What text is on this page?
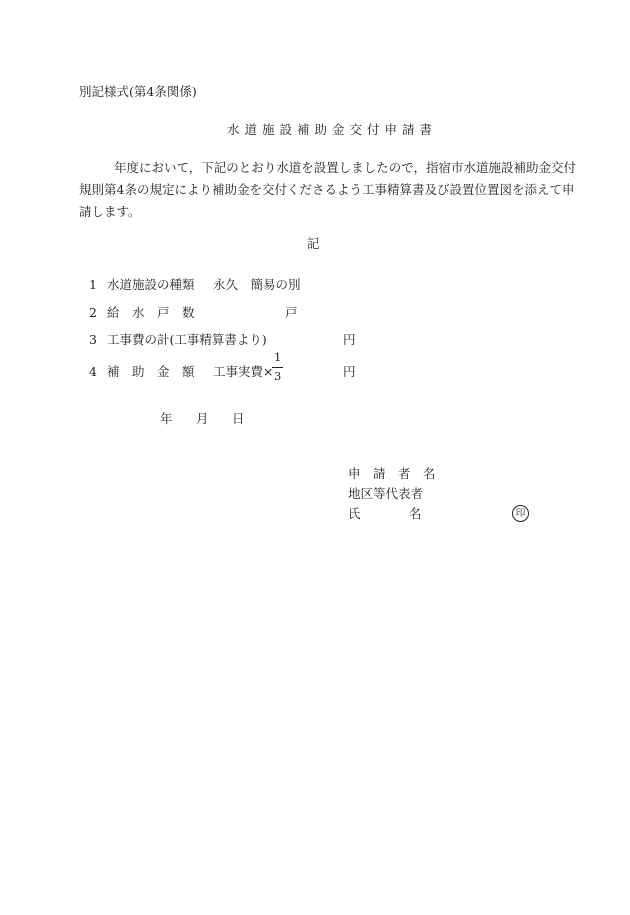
別記様式(第4条関係)
水道施設補助金交付申請書
年度において，下記のとおり水道を設置しましたので，指宿市水道施設補助金交付
規則第4条の規定により補助金を交付くださるよう工事精算書及び設置位置図を添えて申
請します。
記
1 水道施設の種類 永久　簡易の別
2 給　水　戸　数	戸
3 工事費の計(工事精算書より)	円
4 補　助　金　額 工事実費×
$\frac{1}{3}$	円
年 月 日
申　請　者　名
地区等代表者
氏	名	印
